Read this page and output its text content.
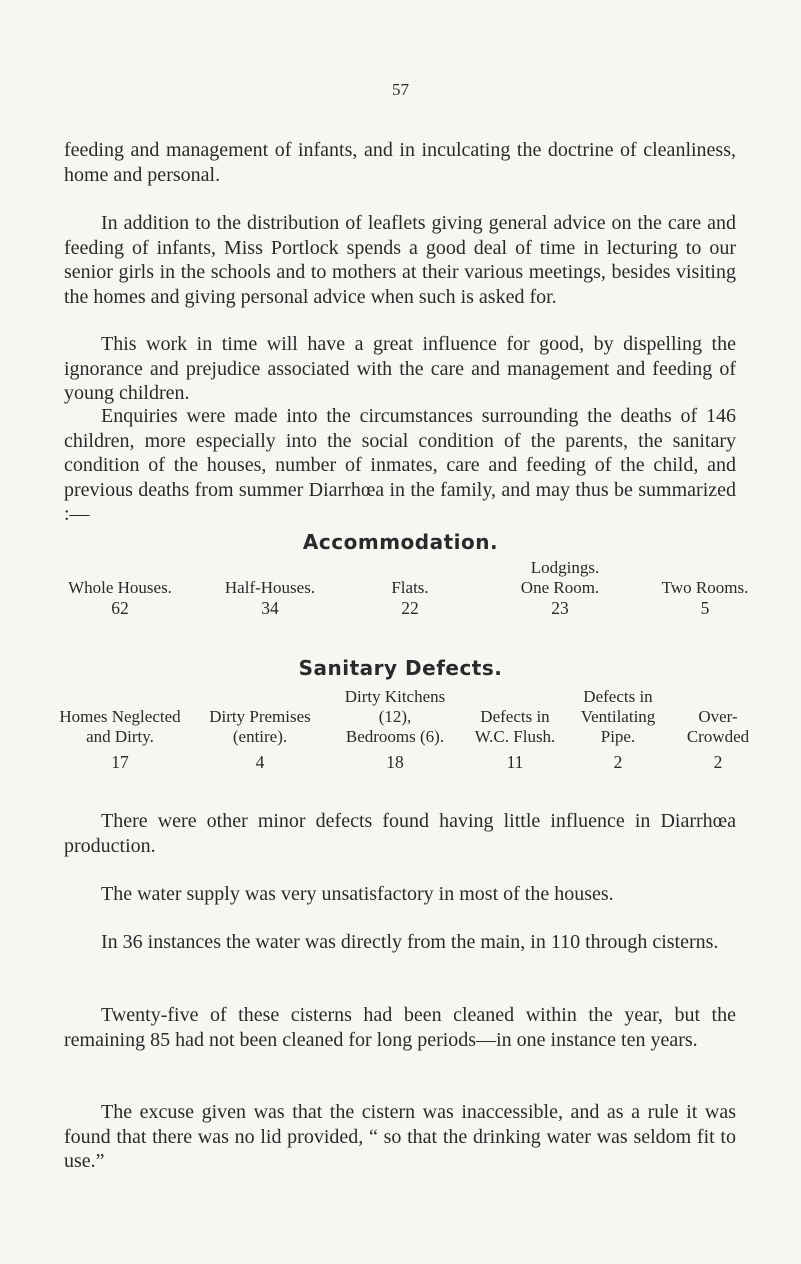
57

feeding and management of infants, and in inculcating the doctrine of cleanliness, home and personal.

In addition to the distribution of leaflets giving general advice on the care and feeding of infants, Miss Portlock spends a good deal of time in lecturing to our senior girls in the schools and to mothers at their various meetings, besides visiting the homes and giving personal advice when such is asked for.

This work in time will have a great influence for good, by dispelling the ignorance and prejudice associated with the care and management and feeding of young children.

Enquiries were made into the circumstances surrounding the deaths of 146 children, more especially into the social condition of the parents, the sanitary condition of the houses, number of inmates, care and feeding of the child, and previous deaths from summer Diarrhœa in the family, and may thus be summarized :—

Accommodation.
Lodgings.
Whole Houses.
62
Half-Houses.
34
Flats.
22
One Room.
23
Two Rooms.
5
Sanitary Defects.
Homes Neglected
and Dirty.
17
Dirty Premises
(entire).
4
Dirty Kitchens
(12),
Bedrooms (6).
18
Defects in
W.C. Flush.
11
Defects in
Ventilating
Pipe.
2
Over-
Crowded
2

There were other minor defects found having little influence in Diarrhœa production.

The water supply was very unsatisfactory in most of the houses.

In 36 instances the water was directly from the main, in 110 through cisterns.

Twenty-five of these cisterns had been cleaned within the year, but the remaining 85 had not been cleaned for long periods—in one instance ten years.

The excuse given was that the cistern was inaccessible, and as a rule it was found that there was no lid provided, “ so that the drinking water was seldom fit to use.”
